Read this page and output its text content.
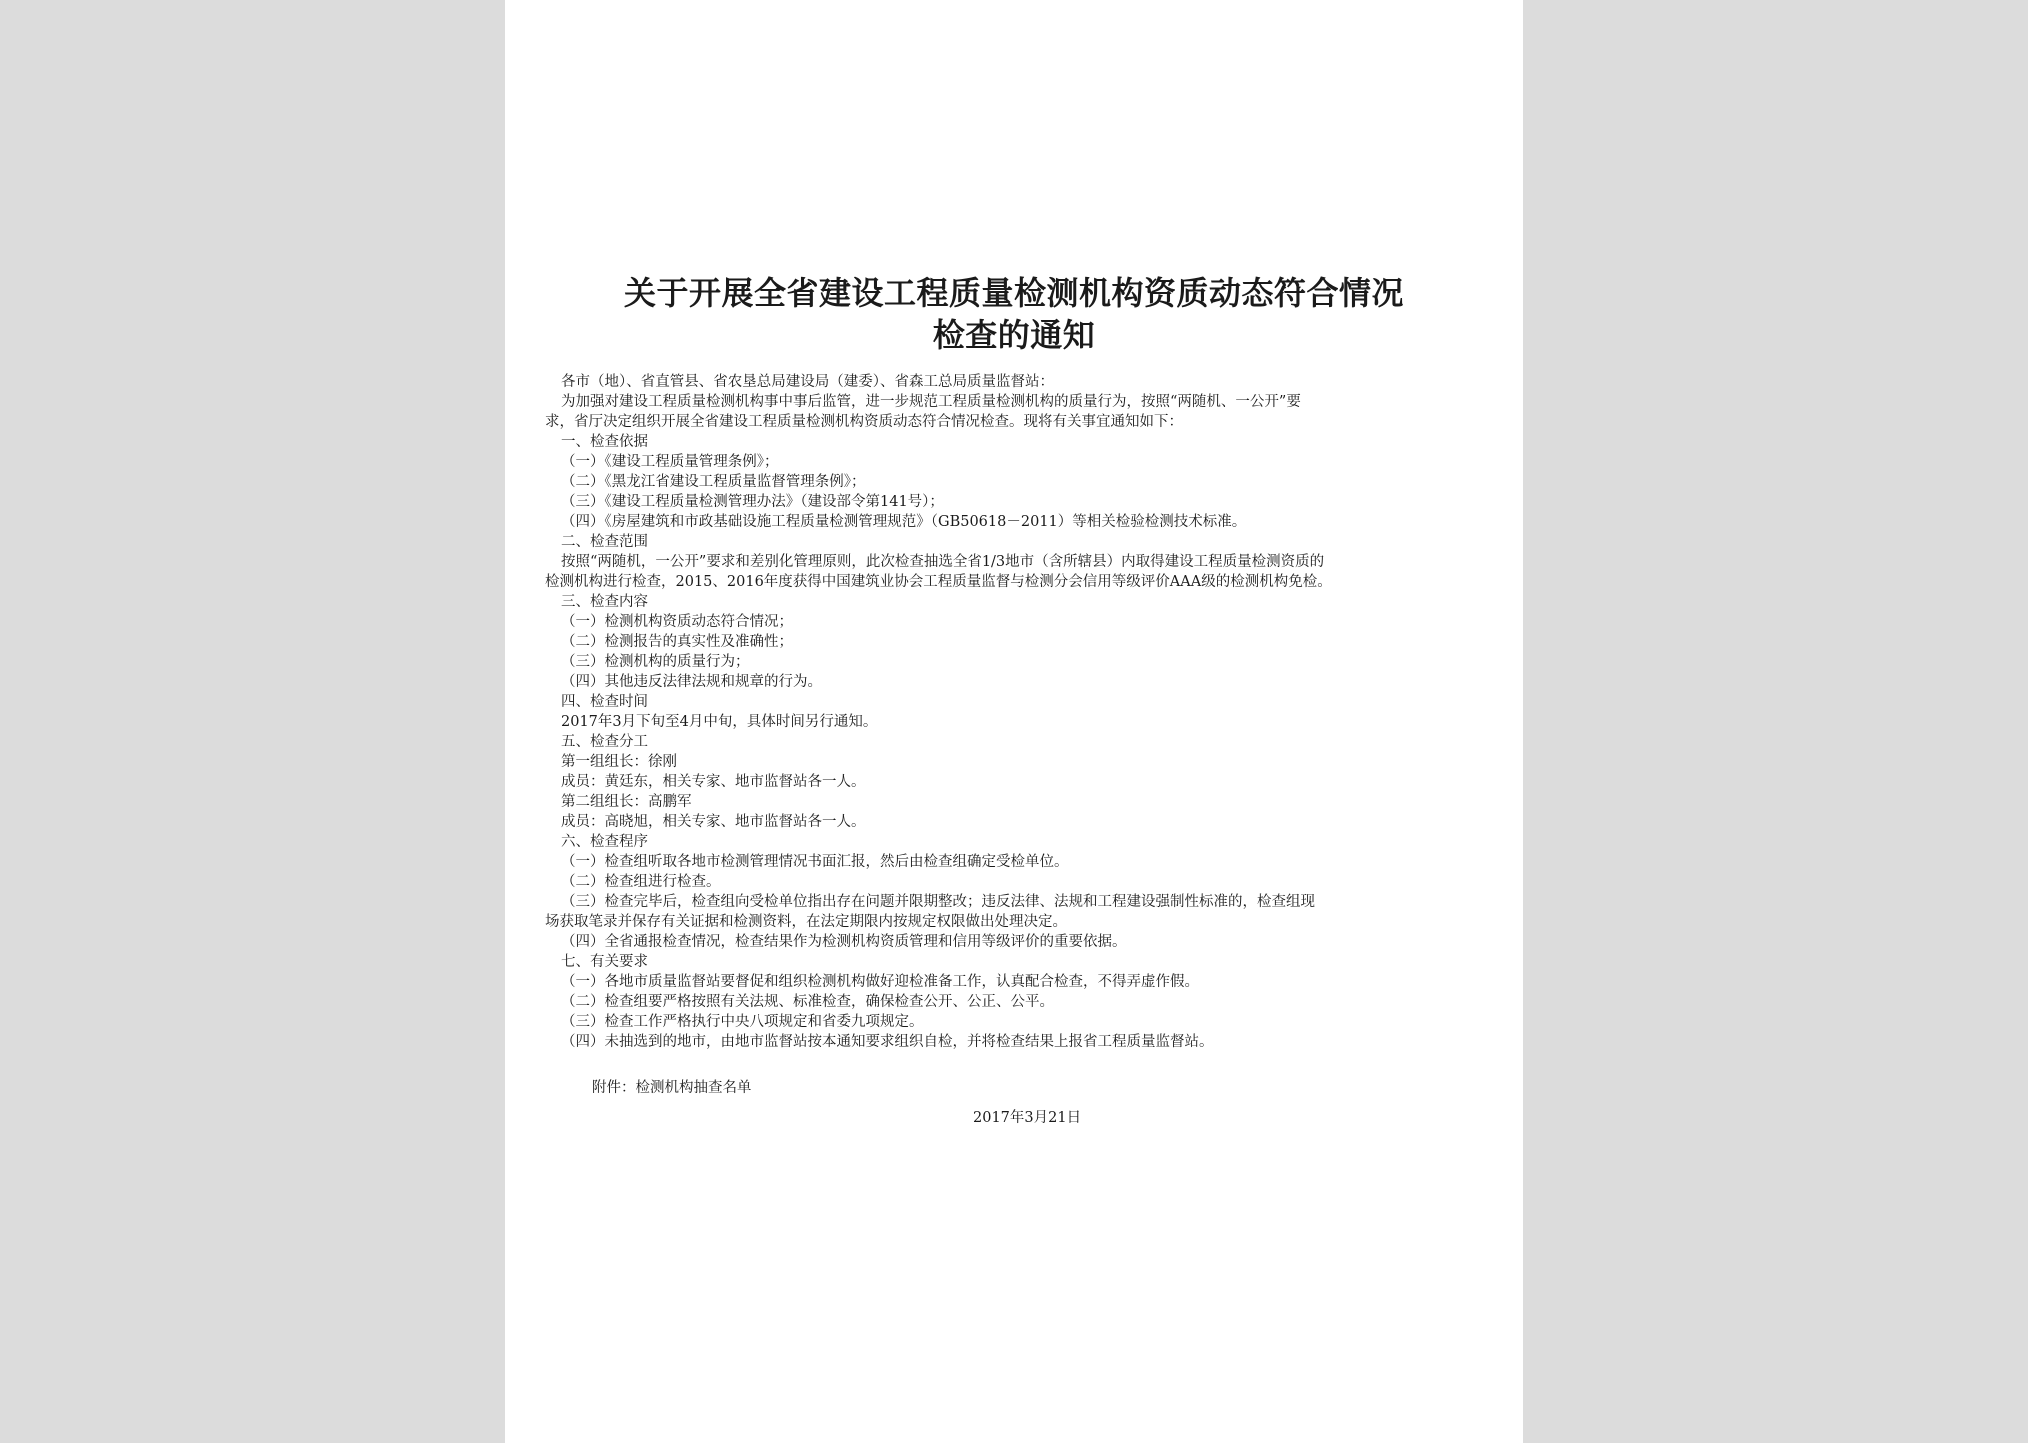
关于开展全省建设工程质量检测机构资质动态符合情况
检查的通知

各市（地）、省直管县、省农垦总局建设局（建委）、省森工总局质量监督站：

为加强对建设工程质量检测机构事中事后监管，进一步规范工程质量检测机构的质量行为，按照“两随机、一公开”要

求，省厅决定组织开展全省建设工程质量检测机构资质动态符合情况检查。现将有关事宜通知如下：

一、检查依据

（一）《建设工程质量管理条例》；

（二）《黑龙江省建设工程质量监督管理条例》；

（三）《建设工程质量检测管理办法》（建设部令第141号）；

（四）《房屋建筑和市政基础设施工程质量检测管理规范》（GB50618－2011）等相关检验检测技术标准。

二、检查范围

按照“两随机，一公开”要求和差别化管理原则，此次检查抽选全省1/3地市（含所辖县）内取得建设工程质量检测资质的

检测机构进行检查，2015、2016年度获得中国建筑业协会工程质量监督与检测分会信用等级评价AAA级的检测机构免检。

三、检查内容

（一）检测机构资质动态符合情况；

（二）检测报告的真实性及准确性；

（三）检测机构的质量行为；

（四）其他违反法律法规和规章的行为。

四、检查时间

2017年3月下旬至4月中旬，具体时间另行通知。

五、检查分工

第一组组长：徐刚

成员：黄廷东，相关专家、地市监督站各一人。

第二组组长：高鹏军

成员：高晓旭，相关专家、地市监督站各一人。

六、检查程序

（一）检查组听取各地市检测管理情况书面汇报，然后由检查组确定受检单位。

（二）检查组进行检查。

（三）检查完毕后，检查组向受检单位指出存在问题并限期整改；违反法律、法规和工程建设强制性标准的，检查组现

场获取笔录并保存有关证据和检测资料，在法定期限内按规定权限做出处理决定。

（四）全省通报检查情况，检查结果作为检测机构资质管理和信用等级评价的重要依据。

七、有关要求

（一）各地市质量监督站要督促和组织检测机构做好迎检准备工作，认真配合检查，不得弄虚作假。

（二）检查组要严格按照有关法规、标准检查，确保检查公开、公正、公平。

（三）检查工作严格执行中央八项规定和省委九项规定。

（四）未抽选到的地市，由地市监督站按本通知要求组织自检，并将检查结果上报省工程质量监督站。

附件：检测机构抽查名单
2017年3月21日
